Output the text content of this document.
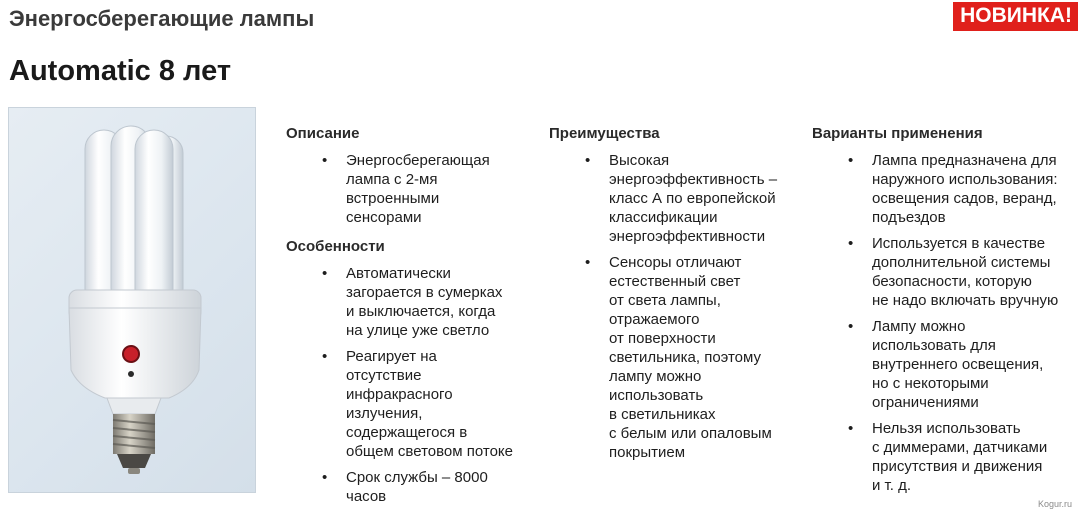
Энергосберегающие лампы	НОВИНКА!
Automatic 8 лет
Описание
• Энергосберегающая
лампа с 2-мя
встроенными
сенсорами
Особенности
• Автоматически
загорается в сумерках
и выключается, когда
на улице уже светло
• Реагирует на
отсутствие
инфракрасного
излучения,
содержащегося в
общем световом потоке
• Срок службы – 8000
часов
Преимущества
• Высокая
энергоэффективность –
класс А по европейской
классификации
энергоэффективности
• Сенсоры отличают
естественный свет
от света лампы,
отражаемого
от поверхности
светильника, поэтому
лампу можно
использовать
в светильниках
с белым или опаловым
покрытием
Варианты применения
• Лампа предназначена для
наружного использования:
освещения садов, веранд,
подъездов
• Используется в качестве
дополнительной системы
безопасности, которую
не надо включать вручную
• Лампу можно
использовать для
внутреннего освещения,
но с некоторыми
ограничениями
• Нельзя использовать
с диммерами, датчиками
присутствия и движения
и т. д.
Kogur.ru
